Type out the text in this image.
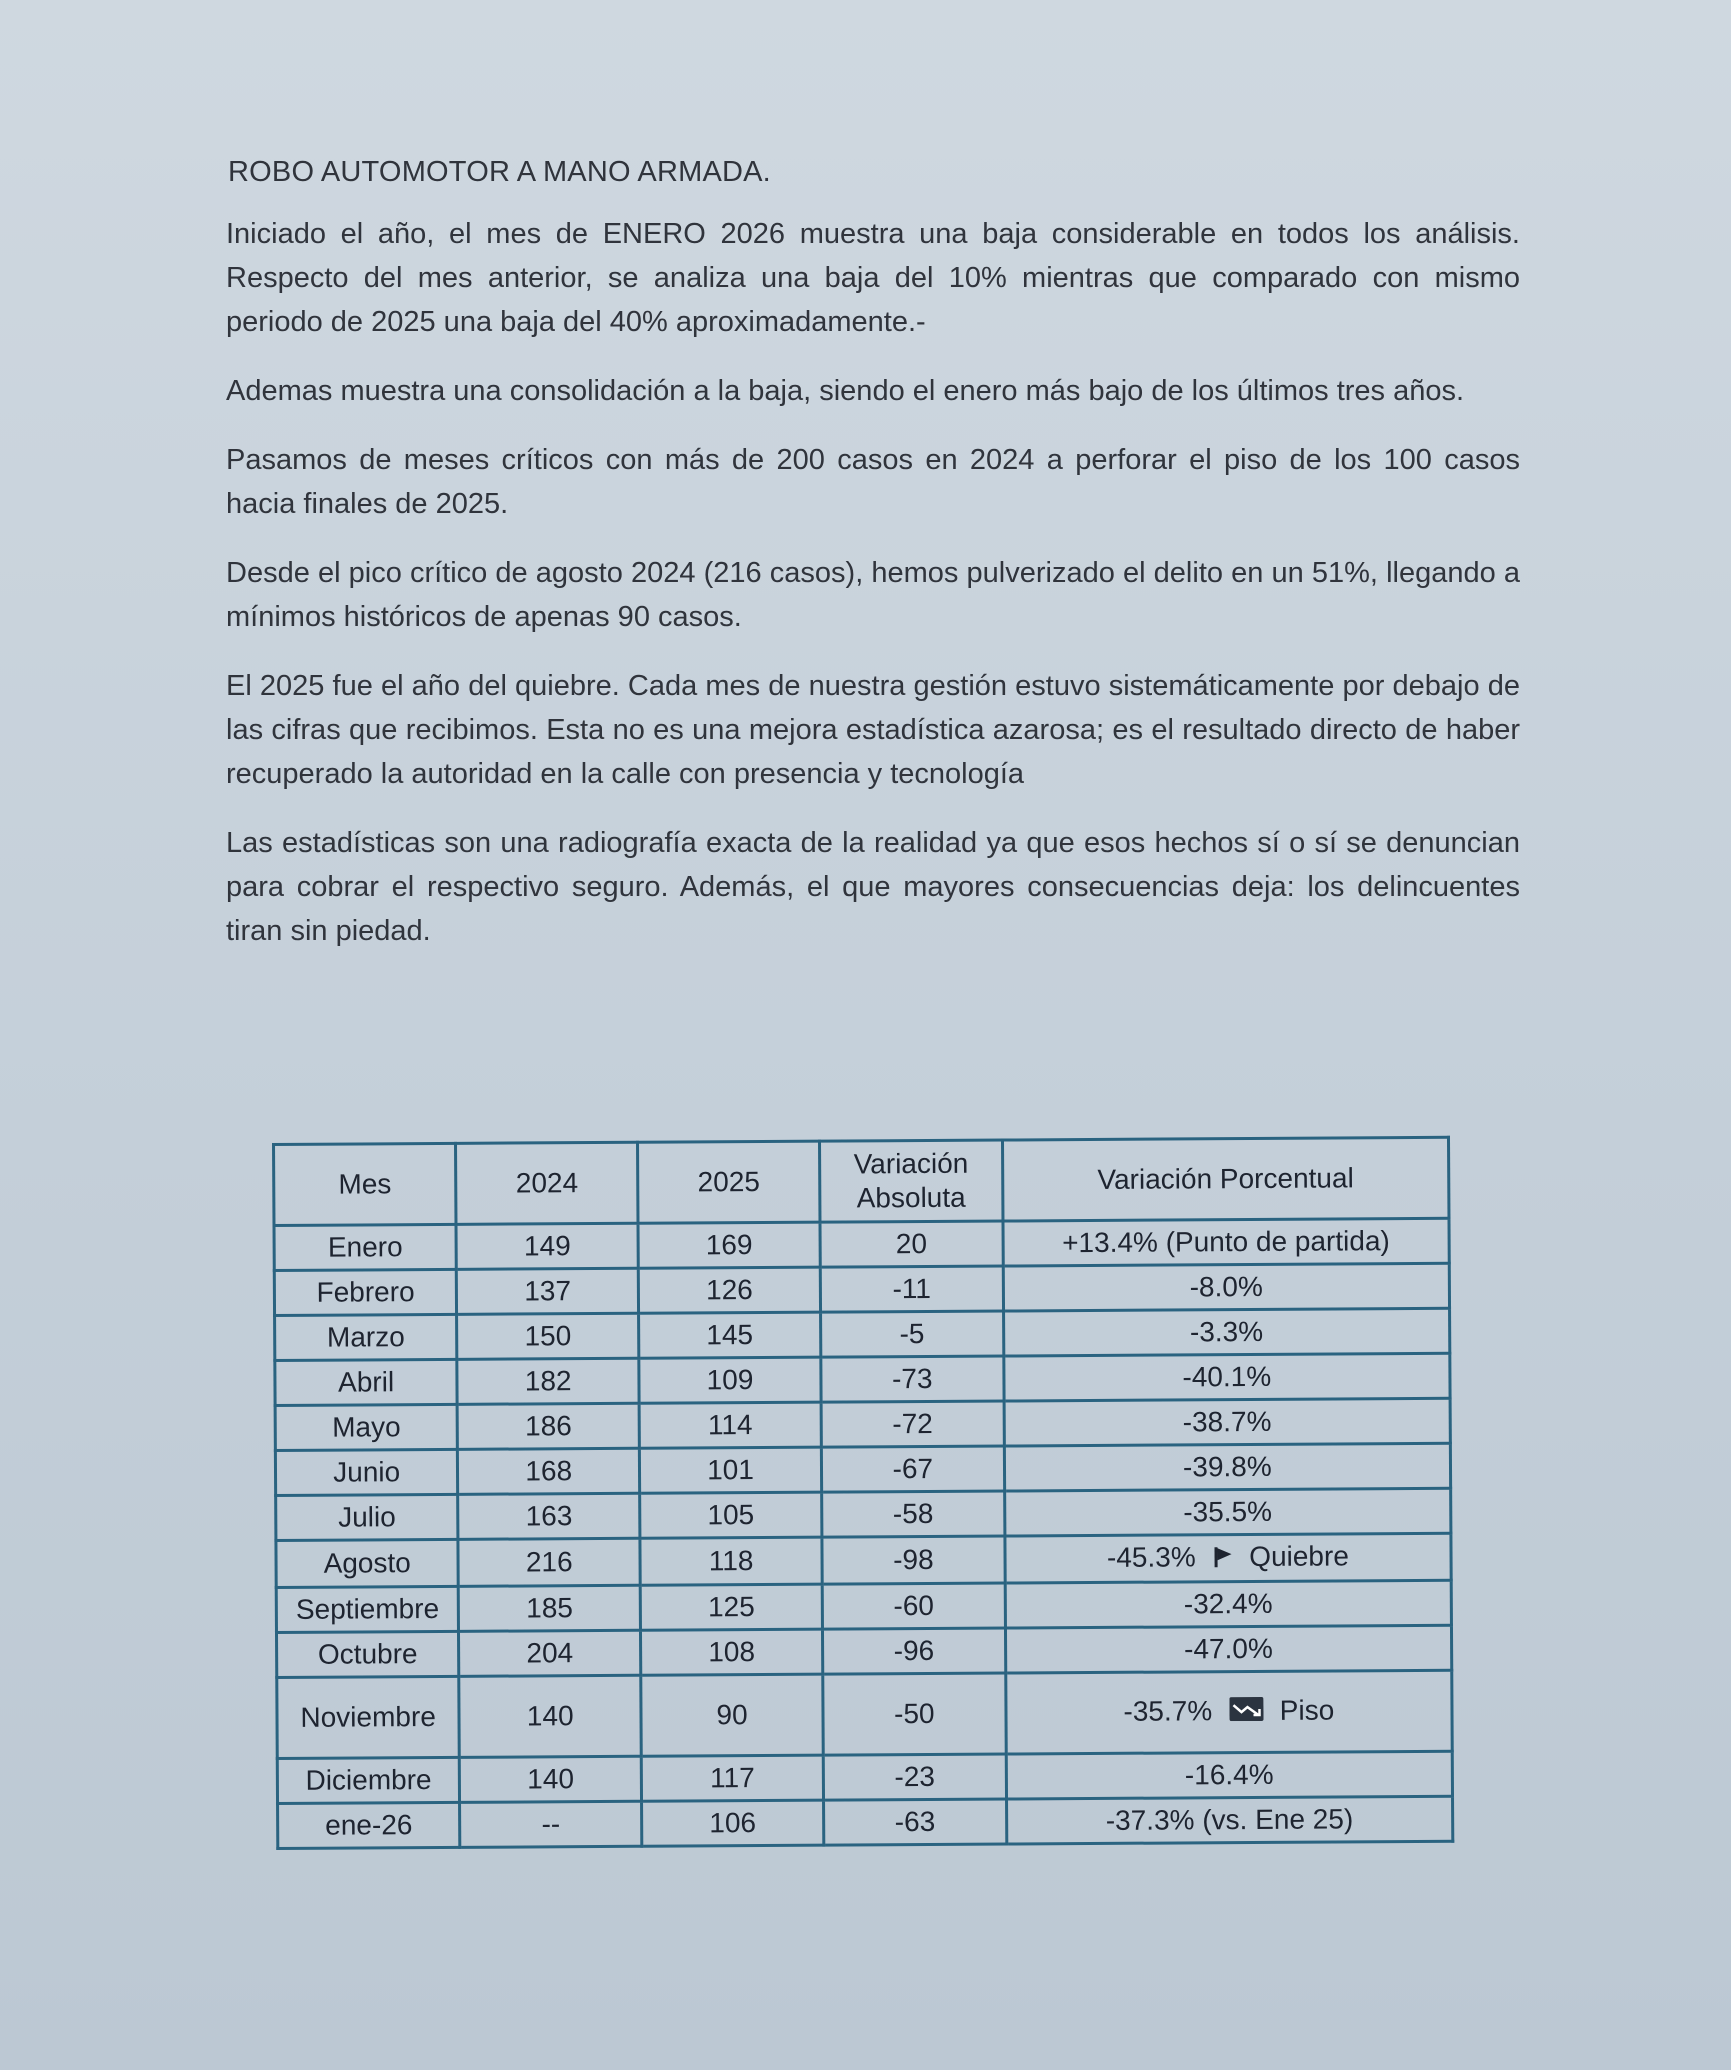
ROBO AUTOMOTOR A MANO ARMADA.

Iniciado el año, el mes de ENERO 2026 muestra una baja considerable en todos los análisis. Respecto del mes anterior, se analiza una baja del 10% mientras que comparado con mismo periodo de 2025 una baja del 40% aproximadamente.-

Ademas muestra una consolidación a la baja, siendo el enero más bajo de los últimos tres años.

Pasamos de meses críticos con más de 200 casos en 2024 a perforar el piso de los 100 casos hacia finales de 2025.

Desde el pico crítico de agosto 2024 (216 casos), hemos pulverizado el delito en un 51%, llegando a mínimos históricos de apenas 90 casos.

El 2025 fue el año del quiebre. Cada mes de nuestra gestión estuvo sistemáticamente por debajo de las cifras que recibimos. Esta no es una mejora estadística azarosa; es el resultado directo de haber recuperado la autoridad en la calle con presencia y tecnología

Las estadísticas son una radiografía exacta de la realidad ya que esos hechos sí o sí se denuncian para cobrar el respectivo seguro. Además, el que mayores consecuencias deja: los delincuentes tiran sin piedad.

Mes	2024	2025	Variación Absoluta	Variación Porcentual
Enero	149	169	20	+13.4% (Punto de partida)
Febrero	137	126	-11	-8.0%
Marzo	150	145	-5	-3.3%
Abril	182	109	-73	-40.1%
Mayo	186	114	-72	-38.7%
Junio	168	101	-67	-39.8%
Julio	163	105	-58	-35.5%
Agosto	216	118	-98	-45.3% Quiebre
Septiembre	185	125	-60	-32.4%
Octubre	204	108	-96	-47.0%
Noviembre	140	90	-50	-35.7% Piso
Diciembre	140	117	-23	-16.4%
ene-26	--	106	-63	-37.3% (vs. Ene 25)
